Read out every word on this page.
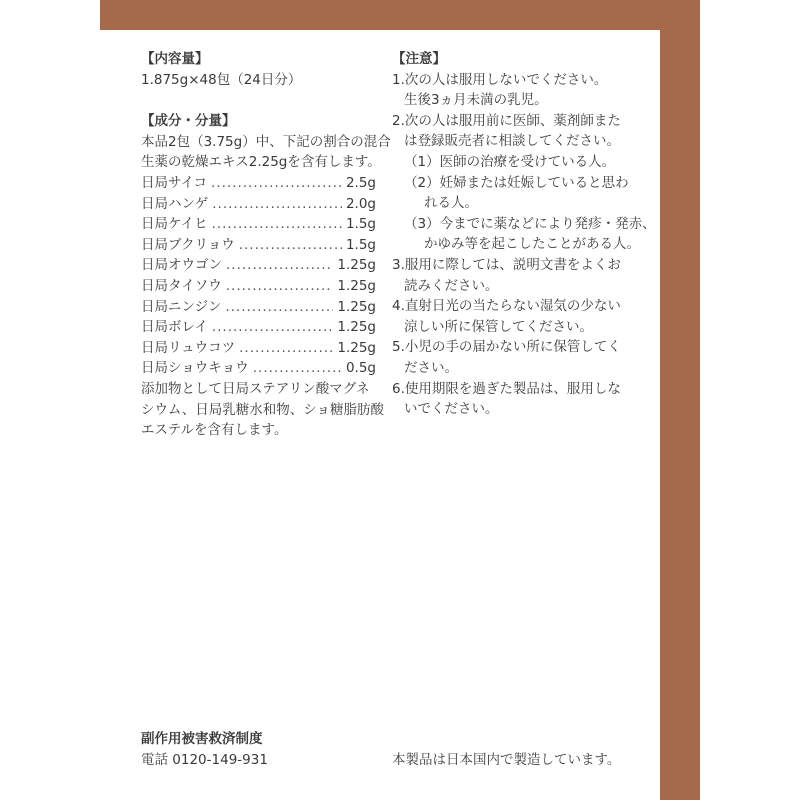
【内容量】
1.875g×48包（24日分）
【成分・分量】
本品2包（3.75g）中、下記の割合の混合
生薬の乾燥エキス2.25gを含有します。
日局サイコ .....	2.5g
日局ハンゲ .....	2.0g
日局ケイヒ .....	1.5g
日局ブクリョウ .....	1.5g
日局オウゴン .....	1.25g
日局タイソウ .....	1.25g
日局ニンジン .....	1.25g
日局ボレイ .....	1.25g
日局リュウコツ .....	1.25g
日局ショウキョウ .....	0.5g
添加物として日局ステアリン酸マグネ
シウム、日局乳糖水和物、ショ糖脂肪酸
エステルを含有します。
【注意】
1.次の人は服用しないでください。
生後3ヵ月未満の乳児。
2.次の人は服用前に医師、薬剤師また
は登録販売者に相談してください。
（1）医師の治療を受けている人。
（2）妊婦または妊娠していると思わ
れる人。
（3）今までに薬などにより発疹・発赤、
かゆみ等を起こしたことがある人。
3.服用に際しては、説明文書をよくお
読みください。
4.直射日光の当たらない湿気の少ない
涼しい所に保管してください。
5.小児の手の届かない所に保管してく
ださい。
6.使用期限を過ぎた製品は、服用しな
いでください。
副作用被害救済制度
電話 0120-149-931	本製品は日本国内で製造しています。
